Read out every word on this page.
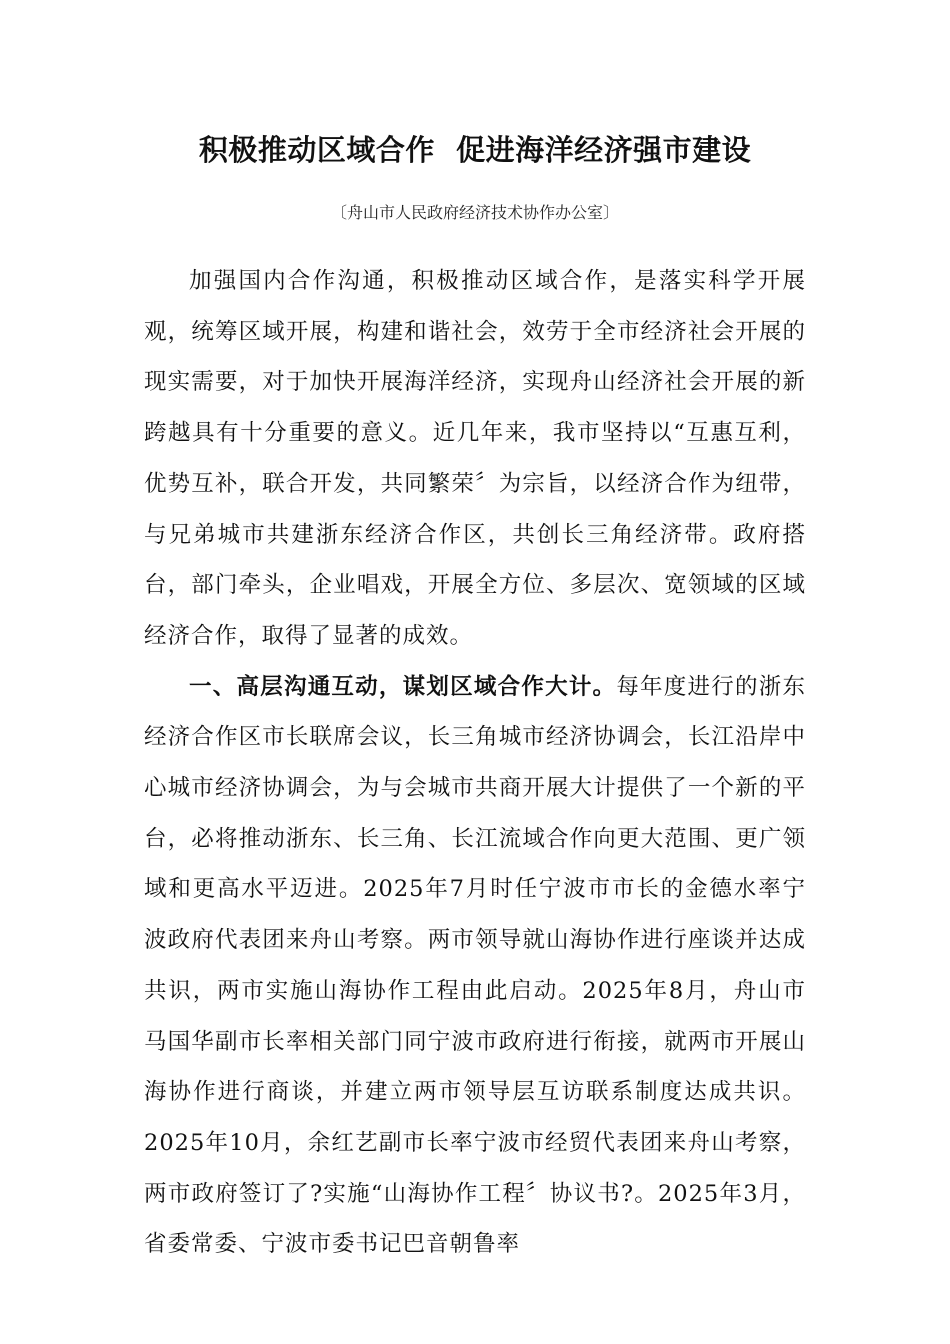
积极推动区域合作  促进海洋经济强市建设
〔舟山市人民政府经济技术协作办公室〕

加强国内合作沟通，积极推动区域合作，是落实科学开展观，统筹区域开展，构建和谐社会，效劳于全市经济社会开展的现实需要，对于加快开展海洋经济，实现舟山经济社会开展的新跨越具有十分重要的意义。近几年来，我市坚持以“互惠互利，优势互补，联合开发，共同繁荣〞为宗旨，以经济合作为纽带，与兄弟城市共建浙东经济合作区，共创长三角经济带。政府搭台，部门牵头，企业唱戏，开展全方位、多层次、宽领域的区域经济合作，取得了显著的成效。

一、高层沟通互动，谋划区域合作大计。每年度进行的浙东经济合作区市长联席会议，长三角城市经济协调会，长江沿岸中心城市经济协调会，为与会城市共商开展大计提供了一个新的平台，必将推动浙东、长三角、长江流域合作向更大范围、更广领域和更高水平迈进。2025年7月时任宁波市市长的金德水率宁波政府代表团来舟山考察。两市领导就山海协作进行座谈并达成共识，两市实施山海协作工程由此启动。2025年8月，舟山市马国华副市长率相关部门同宁波市政府进行衔接，就两市开展山海协作进行商谈，并建立两市领导层互访联系制度达成共识。2025年10月，余红艺副市长率宁波市经贸代表团来舟山考察，两市政府签订了?实施“山海协作工程〞协议书?。2025年3月，省委常委、宁波市委书记巴音朝鲁率
